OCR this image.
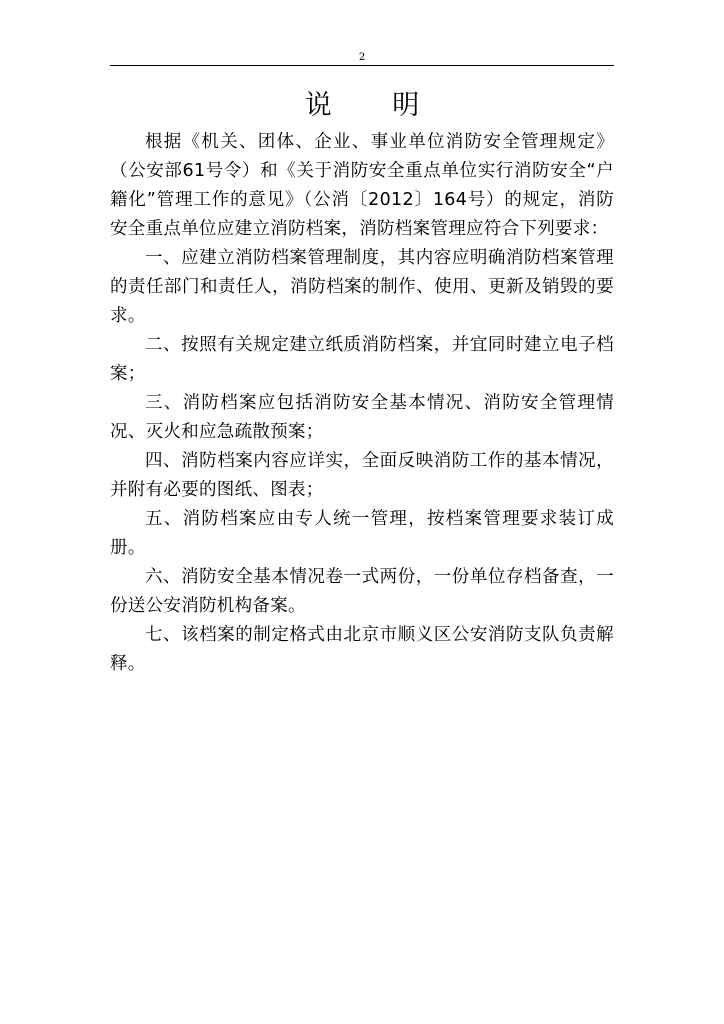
2
说 明

根据《机关、团体、企业、事业单位消防安全管理规定》（公安部61号令）和《关于消防安全重点单位实行消防安全“户籍化”管理工作的意见》（公消〔2012〕164号）的规定，消防安全重点单位应建立消防档案，消防档案管理应符合下列要求：

一、应建立消防档案管理制度，其内容应明确消防档案管理的责任部门和责任人，消防档案的制作、使用、更新及销毁的要求。

二、按照有关规定建立纸质消防档案，并宜同时建立电子档案；

三、消防档案应包括消防安全基本情况、消防安全管理情况、灭火和应急疏散预案；

四、消防档案内容应详实，全面反映消防工作的基本情况，并附有必要的图纸、图表；

五、消防档案应由专人统一管理，按档案管理要求装订成册。

六、消防安全基本情况卷一式两份，一份单位存档备查，一份送公安消防机构备案。

七、该档案的制定格式由北京市顺义区公安消防支队负责解释。
